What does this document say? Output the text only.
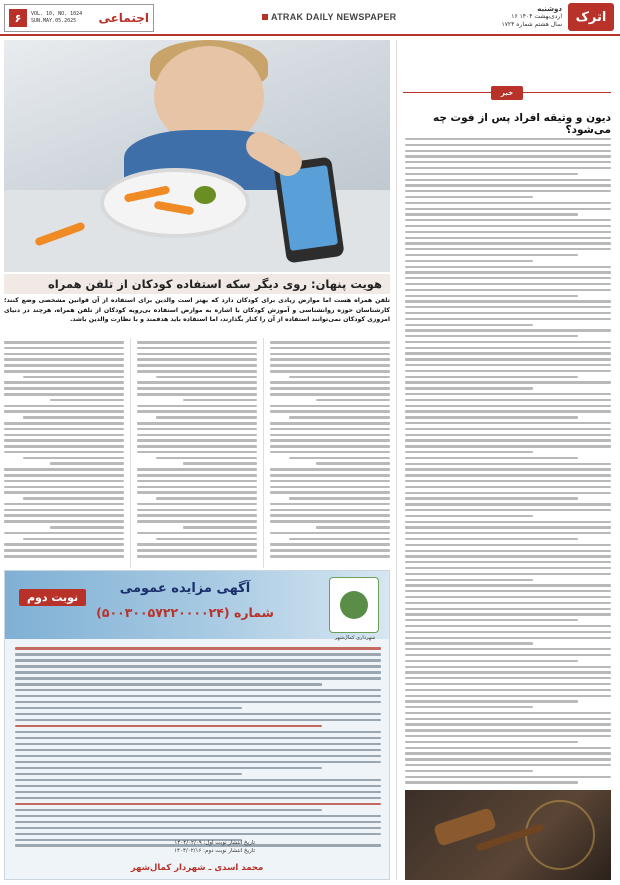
۶	VOL. 10, NO. 1024
SUN.MAY.05.2025	اجتماعی	ATRAK DAILY NEWSPAPER
دوشنبه
۱۶ اردی‌بهشت ۱۴۰۴
سال هشتم شماره ۱۷۲۴	اترک
هویت پنهان: روی دیگر سکه استفاده کودکان از تلفن همراه
تلفن همراه هست اما موارض زیادی برای کودکان دارد که بهتر است والدین برای استفاده از آن قوانین مشخصی وضع کنند؛ کارشناسان حوزه روانشناسی و آموزش کودکان با اشاره به موارض استفاده بی‌رویه کودکان از تلفن همراه، هرچند در دنیای امروزی کودکان نمی‌توانند استفاده از آن را کنار بگذارند، اما استفاده باید هدفمند و با نظارت والدین باشد.
خبر
دیون و وثیقه افراد پس از فوت چه می‌شود؟
نوبت دوم
آگهی مزایده عمومی
شماره (۵۰۰۳۰۰۵۷۲۲۰۰۰۰۲۴)
شهرداری کمال‌شهر
تاریخ انتشار نوبت اول: ۱۴۰۴/۰۲/۰۹
تاریخ انتشار نوبت دوم: ۱۴۰۴/۰۲/۱۶
محمد اسدی ـ شهردار کمال‌شهر
